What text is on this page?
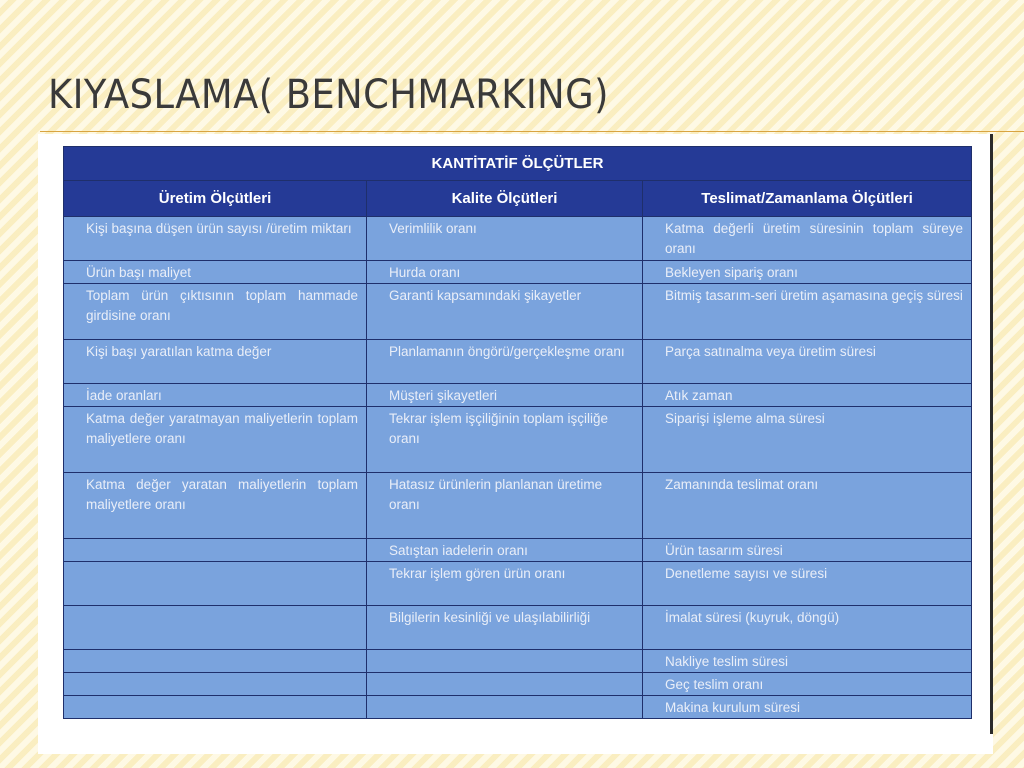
KIYASLAMA( BENCHMARKING)
KANTİTATİF ÖLÇÜTLER		
Üretim Ölçütleri	Kalite Ölçütleri	Teslimat/Zamanlama Ölçütleri
Kişi başına düşen ürün sayısı /üretim miktarı	Verimlilik oranı	Katma değerli üretim süresinin toplam süreye oranı
Ürün başı maliyet	Hurda oranı	Bekleyen sipariş oranı
Toplam ürün çıktısının toplam hammade girdisine oranı	Garanti kapsamındaki şikayetler	Bitmiş tasarım-seri üretim aşamasına geçiş süresi
Kişi başı yaratılan katma değer	Planlamanın öngörü/gerçekleşme oranı	Parça satınalma veya üretim süresi
İade oranları	Müşteri şikayetleri	Atık zaman
Katma değer yaratmayan maliyetlerin toplam maliyetlere oranı	Tekrar işlem işçiliğinin toplam işçiliğe oranı	Siparişi işleme alma süresi
Katma değer yaratan maliyetlerin toplam maliyetlere oranı	Hatasız ürünlerin planlanan üretime oranı	Zamanında teslimat oranı
	Satıştan iadelerin oranı	Ürün tasarım süresi
	Tekrar işlem gören ürün oranı	Denetleme sayısı ve süresi
	Bilgilerin kesinliği ve ulaşılabilirliği	İmalat süresi (kuyruk, döngü)
		Nakliye teslim süresi
		Geç teslim oranı
		Makina kurulum süresi
